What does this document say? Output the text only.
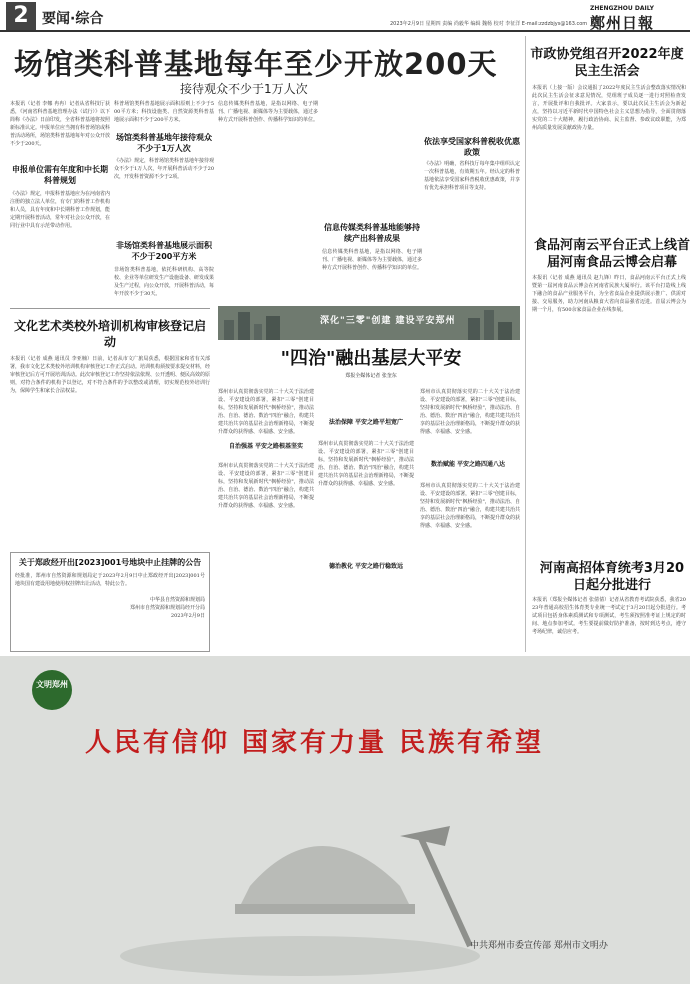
2 要闻·综合	2023年2月9日 星期四 责编 尚毅华 编辑 魏杨 校对 李征洋 E-mail:zzdzbjys@163.com
ZHENGZHOU DAILY
鄭州日報
场馆类科普基地每年至少开放200天
接待观众不少于1万人次
本报讯（记者 李娜 冉冉）记者从省科技厅获悉，《河南省科普基地管理办法（试行）》以下简称《办法》日前印发，全省科普基地将按照新标准认定。申报单位应当拥有科普场馆或科普活动场所，场馆类科普基地每年对公众开放不少于200天。
申报单位需有年度和中长期科普规划
《办法》规定，申报科普基地应为在河南省内注册的独立法人单位，有专门的科普工作机构和人员，具有年度和中长期科普工作规划，能定期开展科普活动，常年对社会公众开放，在同行业中具有示范带动作用。
科普场馆类科普基地展示面积原则上不少于500平方米；科技设施类、自然资源类科普基地展示面积不少于200平方米。
场馆类科普基地年接待观众不少于1万人次
《办法》规定，科普场馆类科普基地年接待观众不少于1万人次，年开展科普活动不少于20次，开发科普资源不少于2项。
非场馆类科普基地展示面积不少于200平方米
非场馆类科普基地，依托科研机构、高等院校、企业等单位研发生产设施设备、研发成果及生产过程，向公众开放，开展科普活动，每年开放不少于30天。
信息传媒类科普基地，是指以网络、电子期刊、广播电视、新媒体等为主要载体，通过多种方式开展科普创作、传播科学知识的单位。
信息传媒类科普基地能够持续产出科普成果
信息传媒类科普基地，是指以网络、电子期刊、广播电视、新媒体等为主要载体，通过多种方式开展科普创作、传播科学知识的单位。
依法享受国家科普税收优惠政策
《办法》明确，省科技厅每年集中组织认定一次科普基地，有效期五年。经认定的科普基地依法享受国家科普税收优惠政策，并享有优先承担科普项目等支持。
文化艺术类校外培训机构审核登记启动
本报讯（记者 成燕 通讯员 李亚楠）日前，记者从市文广旅局获悉，根据国家和省有关部署，我市文化艺术类校外培训机构审核登记工作正式启动。培训机构须按要求提交材料，经审核登记后方可开展培训活动。此次审核登记工作坚持依法依规、公开透明、便民高效的原则，对符合条件的机构予以登记，对不符合条件的予以整改或清理，切实规范校外培训行为，保障学生和家长合法权益。
关于郑政经开出[2023]001号地块中止挂牌的公告
经批准，郑州市自然资源和规划局定于2023年2月9日中止郑政经开出[2023]001号地块国有建设用地使用权挂牌出让活动，特此公告。
中华县自然资源和规划局
郑州市自然资源和规划局经开分局
2023年2月9日
深化"三零"创建 建设平安郑州
"四治"融出基层大平安
郑报全媒体记者 张奎东
郑州市认真贯彻落实党的二十大关于法治建设、平安建设的部署，紧扣"三零"创建目标，坚持和发展新时代"枫桥经验"，推动法治、自治、德治、数治"四治"融合，构建共建共治共享的基层社会治理新格局，不断提升群众的获得感、幸福感、安全感。
法治保障 平安之路平坦宽广
郑州市认真贯彻落实党的二十大关于法治建设、平安建设的部署，紧扣"三零"创建目标，坚持和发展新时代"枫桥经验"，推动法治、自治、德治、数治"四治"融合，构建共建共治共享的基层社会治理新格局，不断提升群众的获得感、幸福感、安全感。
自治强基 平安之路根基坚实
郑州市认真贯彻落实党的二十大关于法治建设、平安建设的部署，紧扣"三零"创建目标，坚持和发展新时代"枫桥经验"，推动法治、自治、德治、数治"四治"融合，构建共建共治共享的基层社会治理新格局，不断提升群众的获得感、幸福感、安全感。
德治教化 平安之路行稳致远
数治赋能 平安之路四通八达
郑州市认真贯彻落实党的二十大关于法治建设、平安建设的部署，紧扣"三零"创建目标，坚持和发展新时代"枫桥经验"，推动法治、自治、德治、数治"四治"融合，构建共建共治共享的基层社会治理新格局，不断提升群众的获得感、幸福感、安全感。
郑州市认真贯彻落实党的二十大关于法治建设、平安建设的部署，紧扣"三零"创建目标，坚持和发展新时代"枫桥经验"，推动法治、自治、德治、数治"四治"融合，构建共建共治共享的基层社会治理新格局，不断提升群众的获得感、幸福感、安全感。
市政协党组召开2022年度民主生活会
本报讯（上接一版）会议通报了2022年度民主生活会整改落实情况和此次民主生活会征求意见情况，党组班子成员逐一进行对照检查发言，开展批评和自我批评。大家表示，要以此次民主生活会为新起点，坚持以习近平新时代中国特色社会主义思想为指导，全面贯彻落实党的二十大精神，履行政治协商、民主监督、参政议政职能，为郑州高质量发展贡献政协力量。
食品河南云平台正式上线首届河南食品云博会启幕
本报讯（记者 成燕 通讯员 赵九锋）昨日，食品河南云平台正式上线暨第一届河南食品云博会在河南省民族大厦举行。该平台打造线上线下融合的食品产业服务平台，为全省食品企业提供展示推广、供需对接、交易服务，助力河南从粮食大省向食品强省迈进。首届云博会为期一个月，有500余家食品企业在线参展。
河南高招体育统考3月20日起分批进行
本报讯（郑报全媒体记者 张倩倩）记者从省教育考试院获悉，我省2023年普通高校招生体育类专业统一考试定于3月20日起分批进行。考试项目包括身体素质测试和专项测试，考生须按照准考证上规定的时间、地点参加考试。考生要提前做好防护准备，按时到达考点，遵守考场纪律，诚信应考。
文明郑州
人民有信仰 国家有力量 民族有希望
中共郑州市委宣传部 郑州市文明办
